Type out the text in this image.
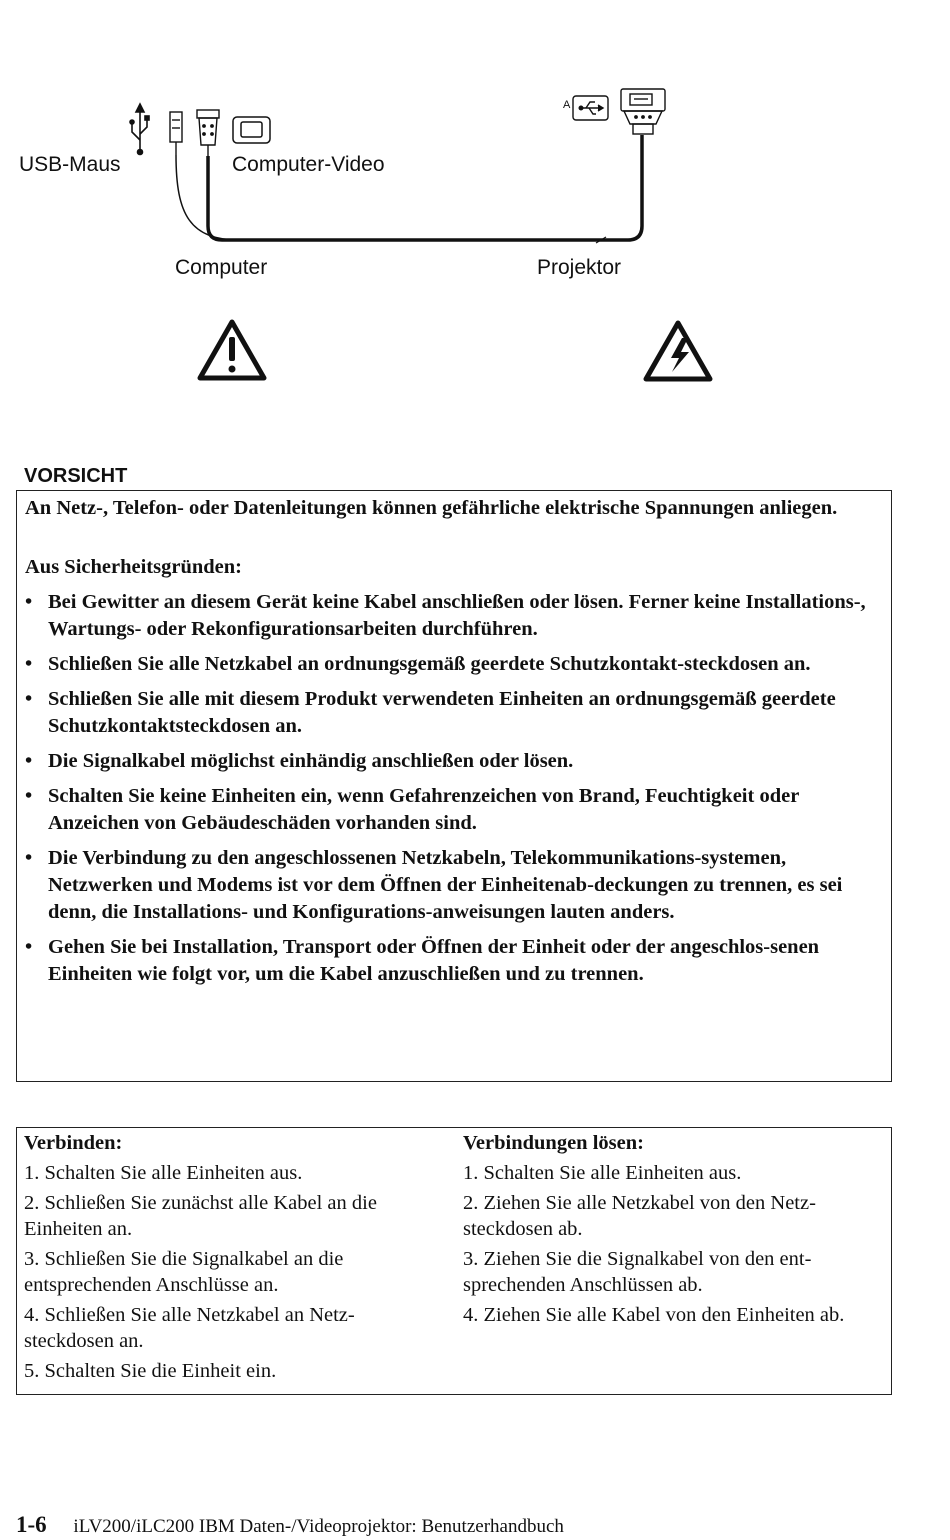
A
USB-Maus	Computer-Video
Computer	Projektor
VORSICHT

An Netz-, Telefon- oder Datenleitungen können gefährliche elektrische Spannungen anliegen.

Aus Sicherheitsgründen:

• Bei Gewitter an diesem Gerät keine Kabel anschließen oder lösen. Ferner keine Installations-, Wartungs- oder Rekonfigurationsarbeiten durchführen.
• Schließen Sie alle Netzkabel an ordnungsgemäß geerdete Schutzkontakt-steckdosen an.
• Schließen Sie alle mit diesem Produkt verwendeten Einheiten an ordnungsgemäß geerdete Schutzkontaktsteckdosen an.
• Die Signalkabel möglichst einhändig anschließen oder lösen.
• Schalten Sie keine Einheiten ein, wenn Gefahrenzeichen von Brand, Feuchtigkeit oder Anzeichen von Gebäudeschäden vorhanden sind.
• Die Verbindung zu den angeschlossenen Netzkabeln, Telekommunikations-systemen, Netzwerken und Modems ist vor dem Öffnen der Einheitenab-deckungen zu trennen, es sei denn, die Installations- und Konfigurations-anweisungen lauten anders.
• Gehen Sie bei Installation, Transport oder Öffnen der Einheit oder der angeschlos-senen Einheiten wie folgt vor, um die Kabel anzuschließen und zu trennen.
Verbinden:
1. Schalten Sie alle Einheiten aus.
2. Schließen Sie zunächst alle Kabel an die Einheiten an.
3. Schließen Sie die Signalkabel an die entsprechenden Anschlüsse an.
4. Schließen Sie alle Netzkabel an Netz-steckdosen an.
5. Schalten Sie die Einheit ein.
Verbindungen lösen:
1. Schalten Sie alle Einheiten aus.
2. Ziehen Sie alle Netzkabel von den Netz-steckdosen ab.
3. Ziehen Sie die Signalkabel von den ent-sprechenden Anschlüssen ab.
4. Ziehen Sie alle Kabel von den Einheiten ab.
1-6 iLV200/iLC200 IBM Daten-/Videoprojektor: Benutzerhandbuch
